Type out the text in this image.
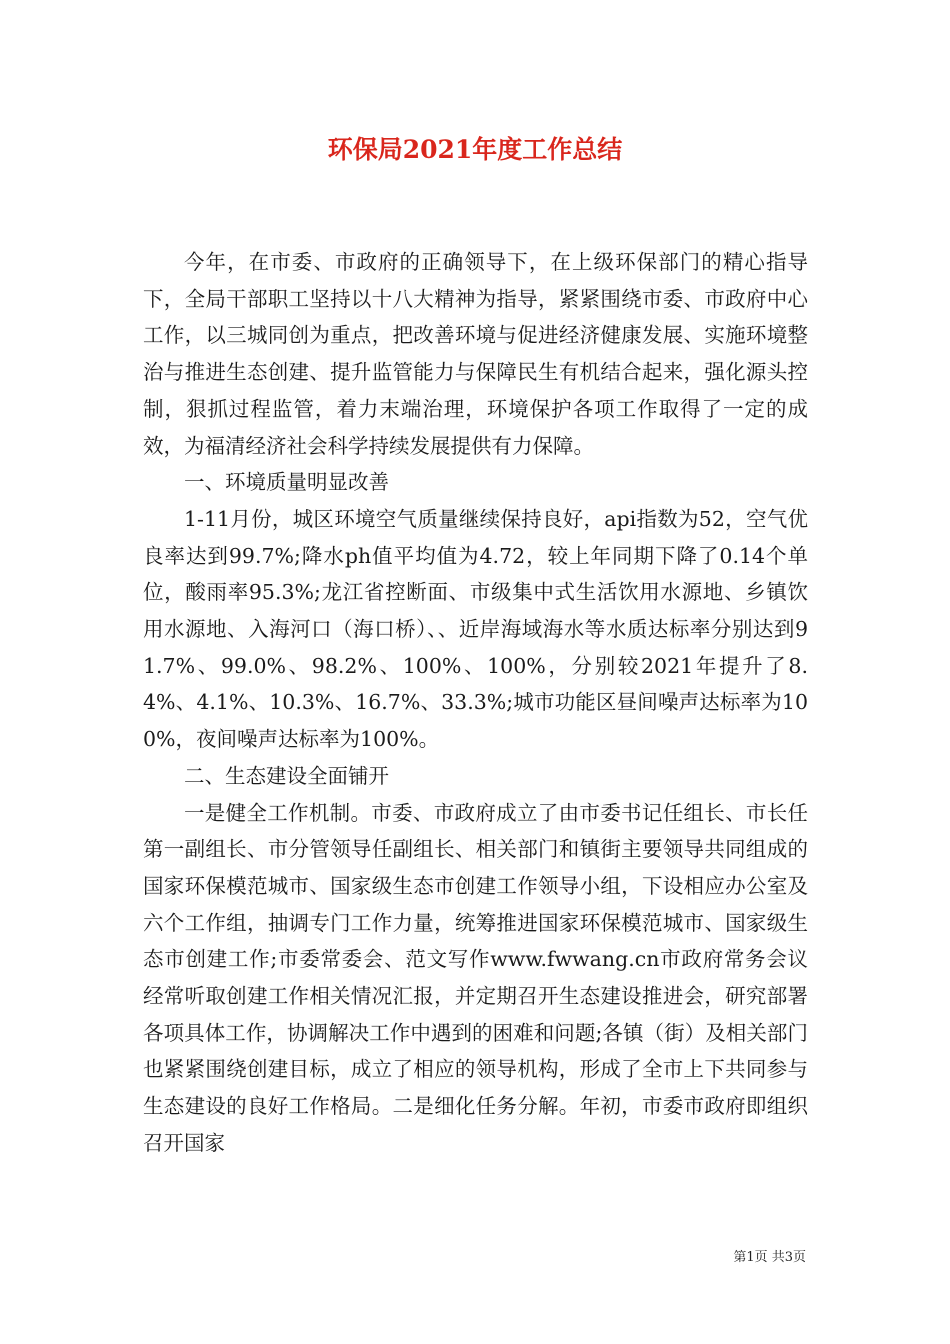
环保局2021年度工作总结

今年，在市委、市政府的正确领导下，在上级环保部门的精心指导下，全局干部职工坚持以十八大精神为指导，紧紧围绕市委、市政府中心工作，以三城同创为重点，把改善环境与促进经济健康发展、实施环境整治与推进生态创建、提升监管能力与保障民生有机结合起来，强化源头控制，狠抓过程监管，着力末端治理，环境保护各项工作取得了一定的成效，为福清经济社会科学持续发展提供有力保障。

一、环境质量明显改善

1-11月份，城区环境空气质量继续保持良好，api指数为52，空气优良率达到99.7%;降水ph值平均值为4.72，较上年同期下降了0.14个单位，酸雨率95.3%;龙江省控断面、市级集中式生活饮用水源地、乡镇饮用水源地、入海河口（海口桥）、、近岸海域海水等水质达标率分别达到91.7%、99.0%、98.2%、100%、100%，分别较2021年提升了8.4%、4.1%、10.3%、16.7%、33.3%;城市功能区昼间噪声达标率为100%，夜间噪声达标率为100%。

二、生态建设全面铺开

一是健全工作机制。市委、市政府成立了由市委书记任组长、市长任第一副组长、市分管领导任副组长、相关部门和镇街主要领导共同组成的国家环保模范城市、国家级生态市创建工作领导小组，下设相应办公室及六个工作组，抽调专门工作力量，统筹推进国家环保模范城市、国家级生态市创建工作;市委常委会、范文写作www.fwwang.cn市政府常务会议经常听取创建工作相关情况汇报，并定期召开生态建设推进会，研究部署各项具体工作，协调解决工作中遇到的困难和问题;各镇（街）及相关部门也紧紧围绕创建目标，成立了相应的领导机构，形成了全市上下共同参与生态建设的良好工作格局。二是细化任务分解。年初，市委市政府即组织召开国家

第1页 共3页
